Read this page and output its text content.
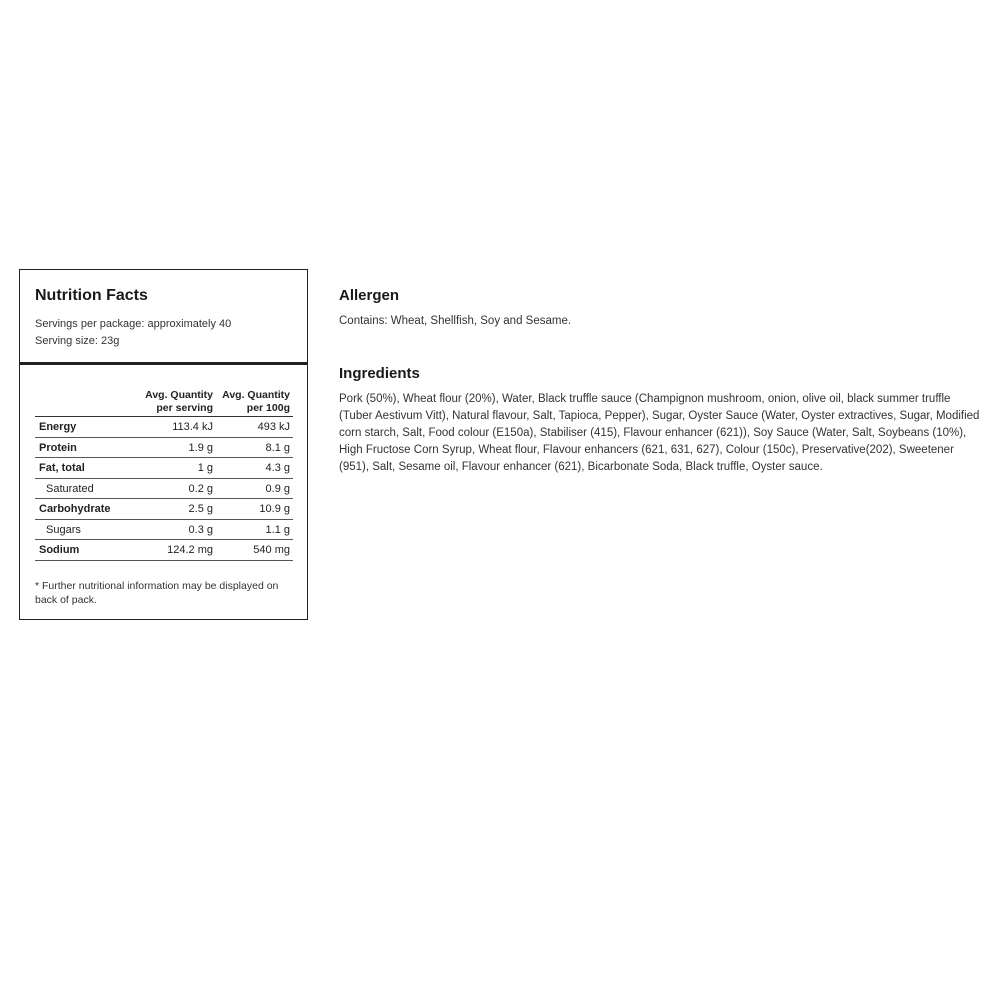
Nutrition Facts
Servings per package: approximately 40
Serving size: 23g
Avg. Quantity
per serving
Avg. Quantity
per 100g
Energy	113.4 kJ	493 kJ
Protein	1.9 g	8.1 g
Fat, total	1 g	4.3 g
Saturated	0.2 g	0.9 g
Carbohydrate	2.5 g	10.9 g
Sugars	0.3 g	1.1 g
Sodium	124.2 mg	540 mg
* Further nutritional information may be displayed on back of pack.
Allergen
Contains: Wheat, Shellfish, Soy and Sesame.
Ingredients
Pork (50%), Wheat flour (20%), Water, Black truffle sauce (Champignon mushroom, onion, olive oil, black summer truffle (Tuber Aestivum Vitt), Natural flavour, Salt, Tapioca, Pepper), Sugar, Oyster Sauce (Water, Oyster extractives, Sugar, Modified corn starch, Salt, Food colour (E150a), Stabiliser (415), Flavour enhancer (621)), Soy Sauce (Water, Salt, Soybeans (10%), High Fructose Corn Syrup, Wheat flour, Flavour enhancers (621, 631, 627), Colour (150c), Preservative(202), Sweetener (951), Salt, Sesame oil, Flavour enhancer (621), Bicarbonate Soda, Black truffle, Oyster sauce.
